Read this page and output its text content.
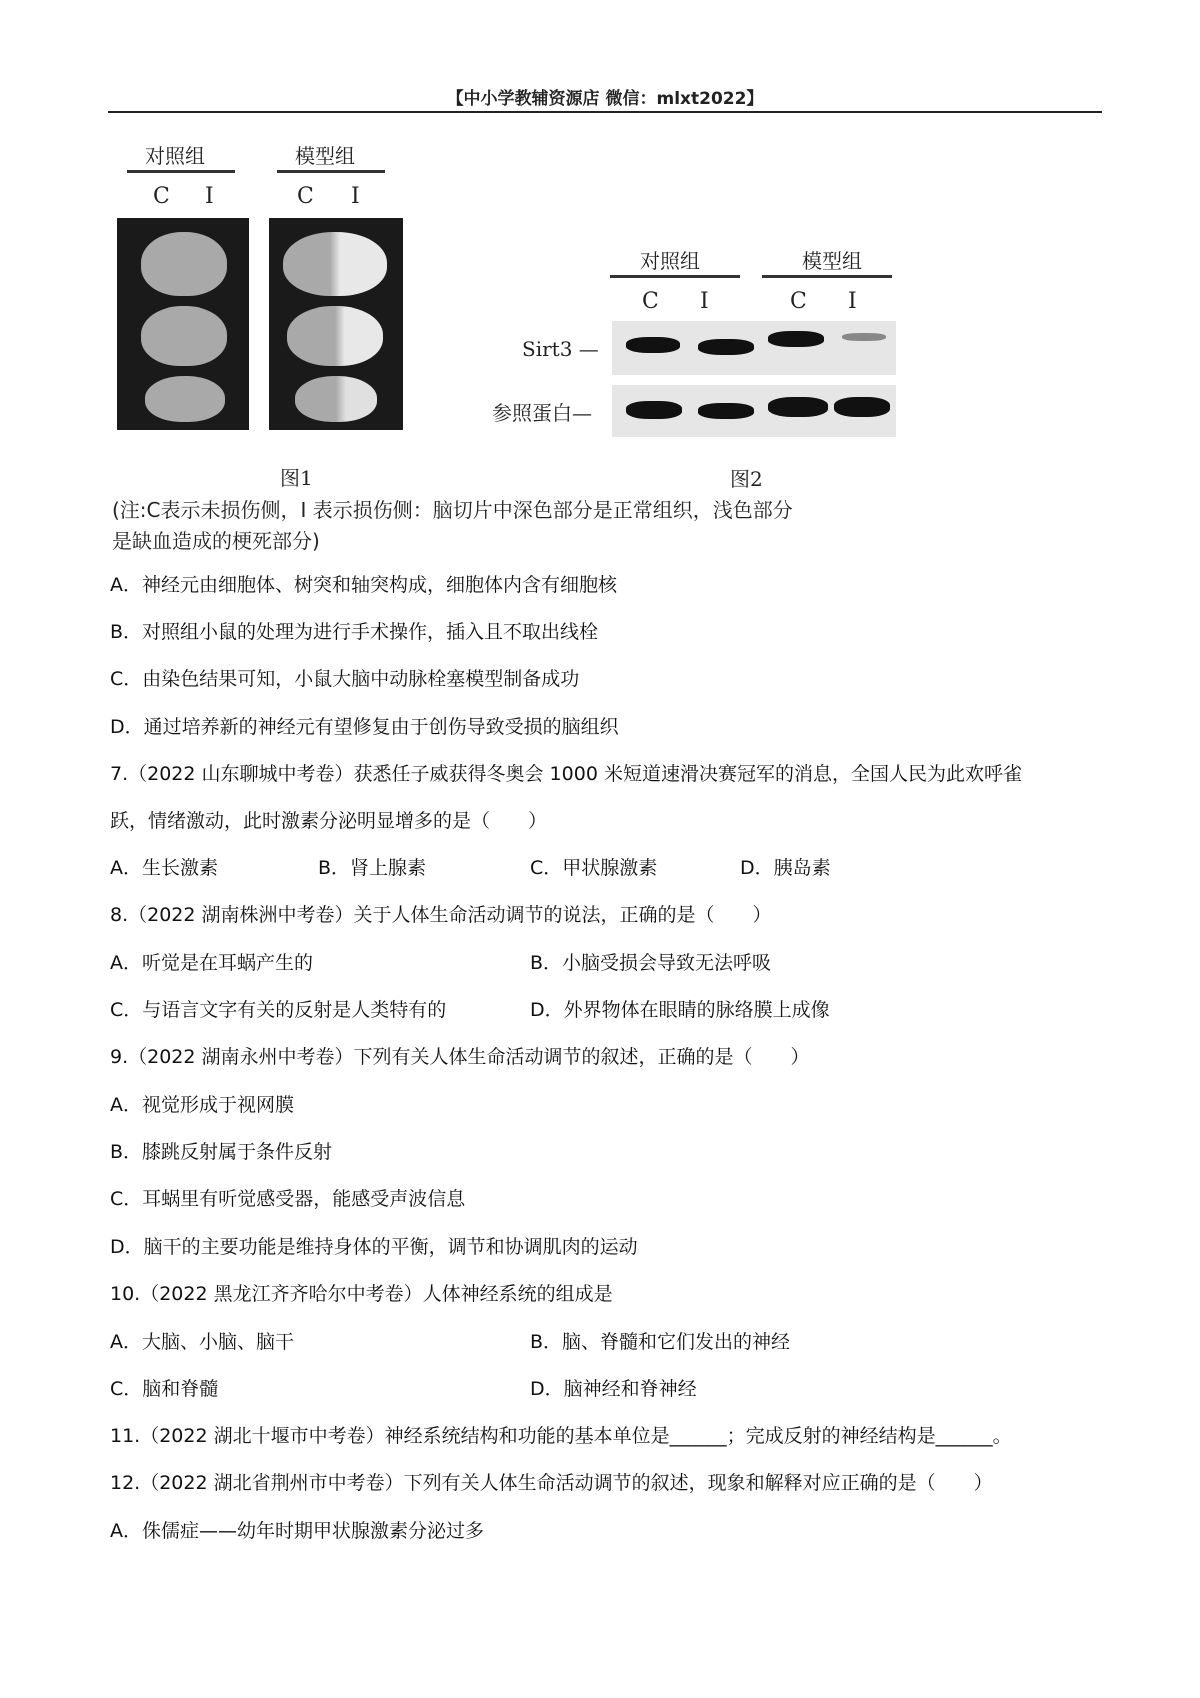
【中小学教辅资源店 微信：mlxt2022】
对照组	模型组
C I	C I
图1
对照组	模型组
C I	C I
Sirt3 —
参照蛋白—
图2
(注:C表示未损伤侧，I 表示损伤侧：脑切片中深色部分是正常组织，浅色部分
是缺血造成的梗死部分)
A．神经元由细胞体、树突和轴突构成，细胞体内含有细胞核
B．对照组小鼠的处理为进行手术操作，插入且不取出线栓
C．由染色结果可知，小鼠大脑中动脉栓塞模型制备成功
D．通过培养新的神经元有望修复由于创伤导致受损的脑组织
7.（2022 山东聊城中考卷）获悉任子威获得冬奥会 1000 米短道速滑决赛冠军的消息，全国人民为此欢呼雀
跃，情绪激动，此时激素分泌明显增多的是（　　）
A．生长激素	B．肾上腺素	C．甲状腺激素	D．胰岛素
8.（2022 湖南株洲中考卷）关于人体生命活动调节的说法，正确的是（　　）
A．听觉是在耳蜗产生的	B．小脑受损会导致无法呼吸
C．与语言文字有关的反射是人类特有的	D．外界物体在眼睛的脉络膜上成像
9.（2022 湖南永州中考卷）下列有关人体生命活动调节的叙述，正确的是（　　）
A．视觉形成于视网膜
B．膝跳反射属于条件反射
C．耳蜗里有听觉感受器，能感受声波信息
D．脑干的主要功能是维持身体的平衡，调节和协调肌肉的运动
10.（2022 黑龙江齐齐哈尔中考卷）人体神经系统的组成是
A．大脑、小脑、脑干	B．脑、脊髓和它们发出的神经
C．脑和脊髓	D．脑神经和脊神经
11.（2022 湖北十堰市中考卷）神经系统结构和功能的基本单位是______；完成反射的神经结构是______。
12.（2022 湖北省荆州市中考卷）下列有关人体生命活动调节的叙述，现象和解释对应正确的是（　　）
A．侏儒症——幼年时期甲状腺激素分泌过多
